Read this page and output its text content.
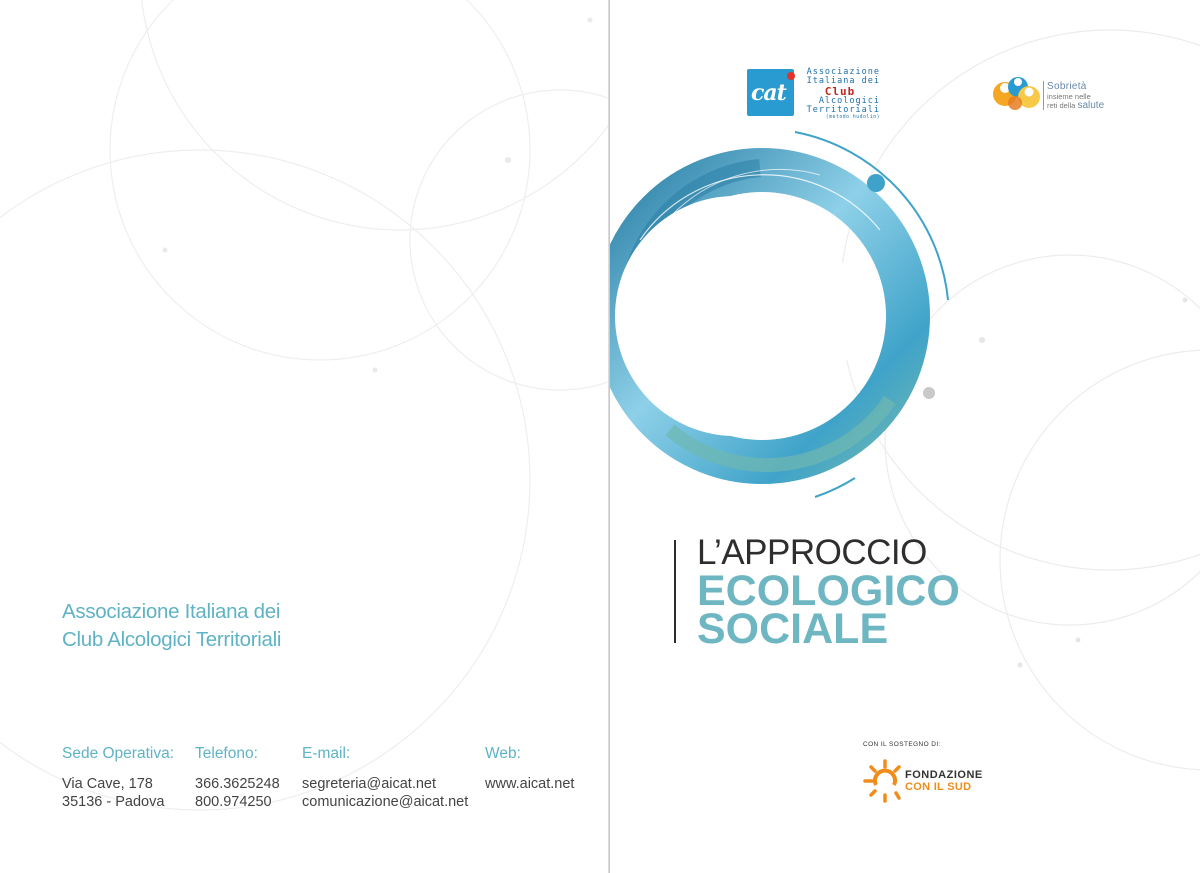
Associazione Italiana dei
Club Alcologici Territoriali
Sede Operativa:
Via Cave, 178
35136 - Padova
Telefono:
366.3625248
800.974250
E-mail:
segreteria@aicat.net
comunicazione@aicat.net
Web:
www.aicat.net
cat
Associazione
Italiana dei
Club
Alcologici
Territoriali
(metodo hudolin)
Sobrietà
insieme nelle
reti della salute
L’APPROCCIO
ECOLOGICO
SOCIALE
CON IL SOSTEGNO DI:
FONDAZIONE
CON IL SUD
